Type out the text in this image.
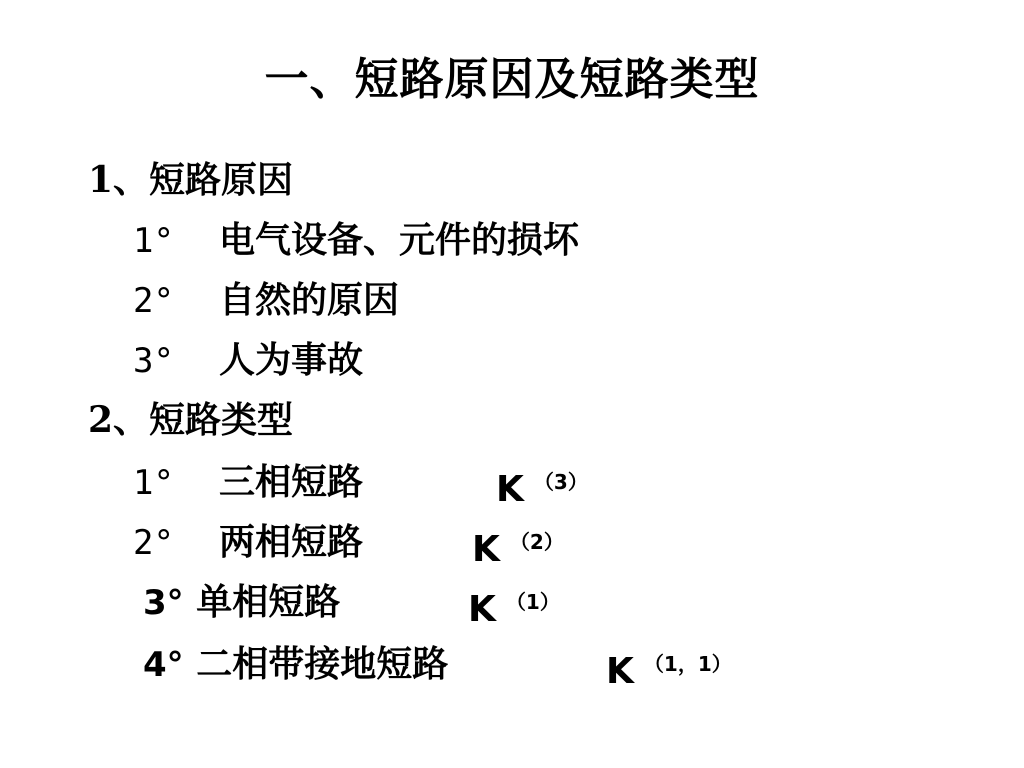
一、短路原因及短路类型
1、短路原因
1° 电气设备、元件的损坏
2° 自然的原因
3° 人为事故
2、短路类型
1° 三相短路	K $^{(3)}$
2° 两相短路	K $^{(2)}$
3° 单相短路	K $^{(1)}$
4° 二相带接地短路	K $^{(1,1)}$
